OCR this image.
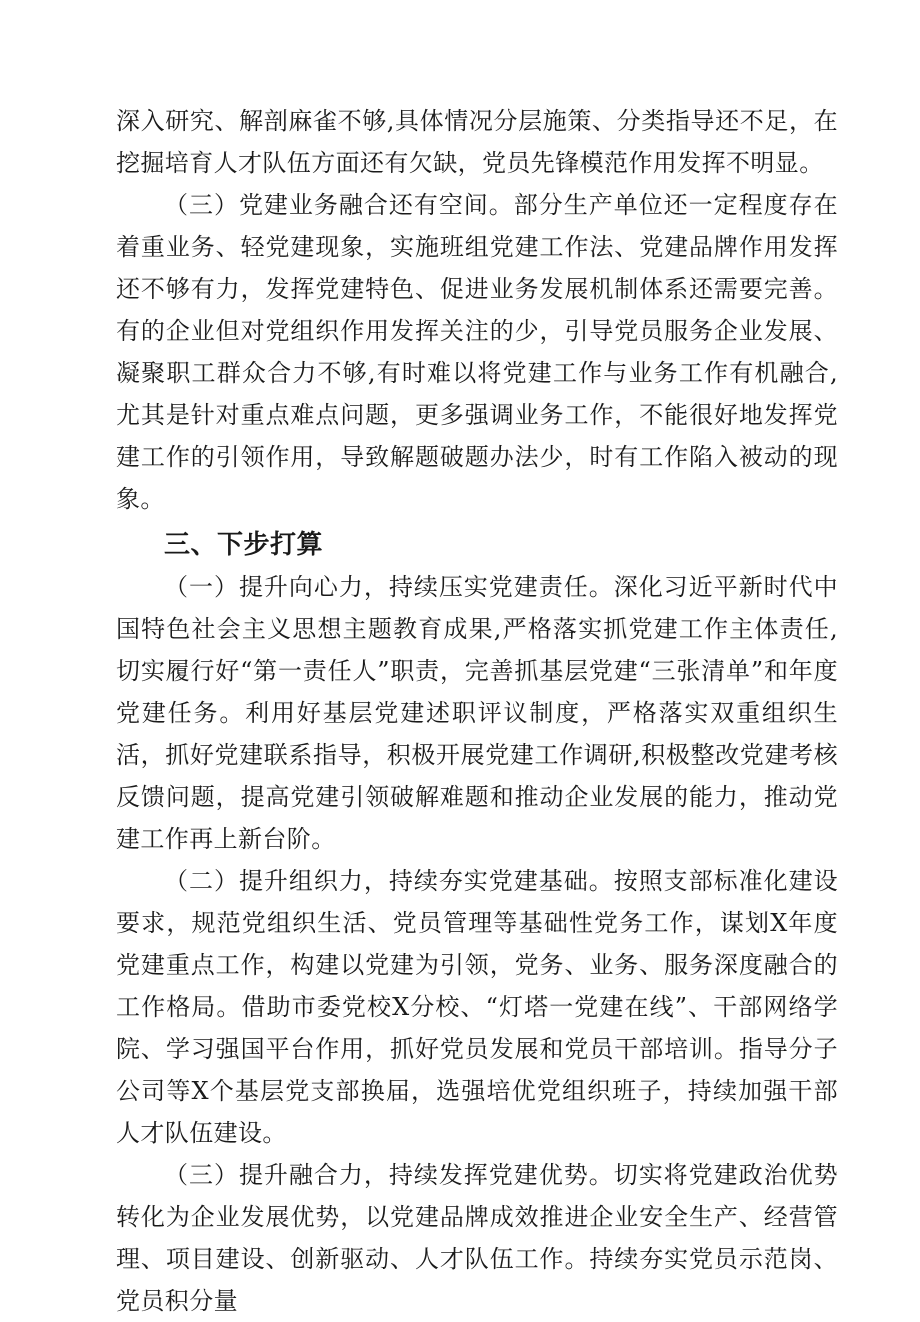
深入研究、解剖麻雀不够,具体情况分层施策、分类指导还不足，在挖掘培育人才队伍方面还有欠缺，党员先锋模范作用发挥不明显。

（三）党建业务融合还有空间。部分生产单位还一定程度存在着重业务、轻党建现象，实施班组党建工作法、党建品牌作用发挥还不够有力，发挥党建特色、促进业务发展机制体系还需要完善。有的企业但对党组织作用发挥关注的少，引导党员服务企业发展、凝聚职工群众合力不够,有时难以将党建工作与业务工作有机融合,尤其是针对重点难点问题，更多强调业务工作，不能很好地发挥党建工作的引领作用，导致解题破题办法少，时有工作陷入被动的现象。

三、下步打算

（一）提升向心力，持续压实党建责任。深化习近平新时代中国特色社会主义思想主题教育成果,严格落实抓党建工作主体责任,切实履行好“第一责任人”职责，完善抓基层党建“三张清单”和年度党建任务。利用好基层党建述职评议制度，严格落实双重组织生活，抓好党建联系指导，积极开展党建工作调研,积极整改党建考核反馈问题，提高党建引领破解难题和推动企业发展的能力，推动党建工作再上新台阶。

（二）提升组织力，持续夯实党建基础。按照支部标准化建设要求，规范党组织生活、党员管理等基础性党务工作，谋划X年度党建重点工作，构建以党建为引领，党务、业务、服务深度融合的工作格局。借助市委党校X分校、“灯塔一党建在线”、干部网络学院、学习强国平台作用，抓好党员发展和党员干部培训。指导分子公司等X个基层党支部换届，选强培优党组织班子，持续加强干部人才队伍建设。

（三）提升融合力，持续发挥党建优势。切实将党建政治优势转化为企业发展优势，以党建品牌成效推进企业安全生产、经营管理、项目建设、创新驱动、人才队伍工作。持续夯实党员示范岗、党员积分量
